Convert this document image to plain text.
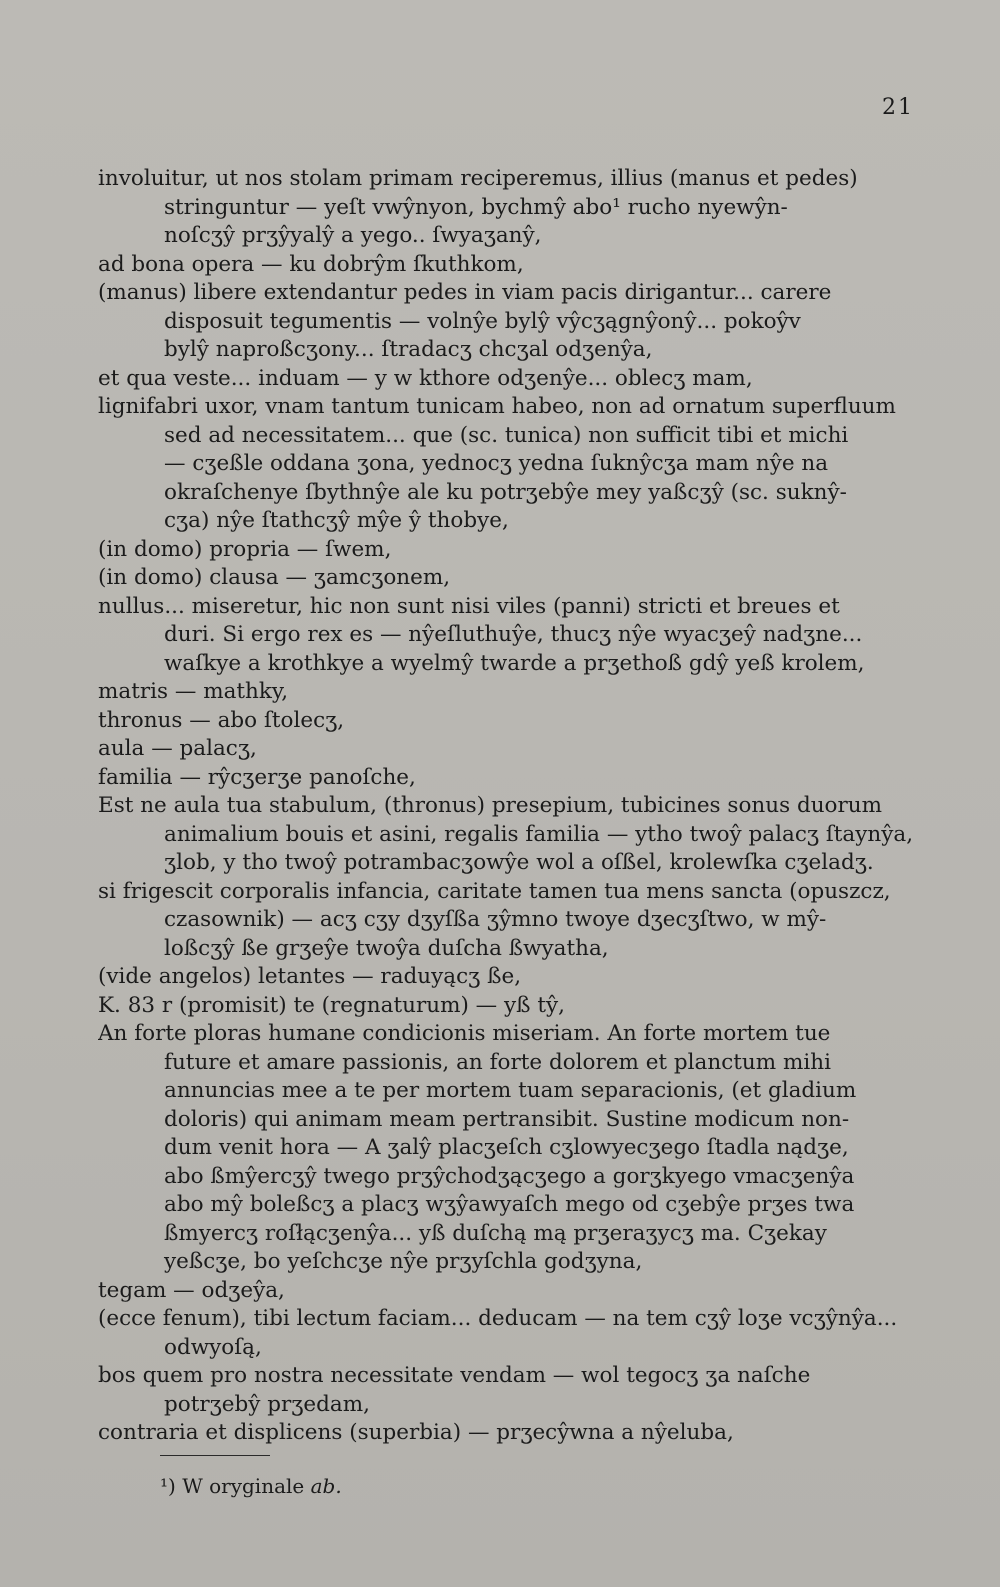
21
involuitur, ut nos stolam primam reciperemus, illius (manus et pedes)
stringuntur — yeſt vwŷnyon, bychmŷ abo¹ rucho nyewŷn-
noſcʒŷ prʒŷyalŷ a yego.. ſwyaʒanŷ,
ad bona opera — ku dobrŷm ſkuthkom,
(manus) libere extendantur pedes in viam pacis dirigantur... carere
disposuit tegumentis — volnŷe bylŷ vŷcʒągnŷonŷ... pokoŷv
bylŷ naproßcʒony... ſtradacʒ chcʒal odʒenŷa,
et qua veste... induam — y w kthore odʒenŷe... oblecʒ mam,
lignifabri uxor, vnam tantum tunicam habeo, non ad ornatum superfluum
sed ad necessitatem... que (sc. tunica) non sufficit tibi et michi
— cʒeßle oddana ʒona, yednocʒ yedna ſuknŷcʒa mam nŷe na
okraſchenye ſbythnŷe ale ku potrʒebŷe mey yaßcʒŷ (sc. suknŷ-
cʒa) nŷe ſtathcʒŷ mŷe ŷ thobye,
(in domo) propria — ſwem,
(in domo) clausa — ʒamcʒonem,
nullus... miseretur, hic non sunt nisi viles (panni) stricti et breues et
duri. Si ergo rex es — nŷeſluthuŷe, thucʒ nŷe wyacʒeŷ nadʒne...
waſkye a krothkye a wyelmŷ twarde a prʒethoß gdŷ yeß krolem,
matris — mathky,
thronus — abo ſtolecʒ,
aula — palacʒ,
familia — rŷcʒerʒe panoſche,
Est ne aula tua stabulum, (thronus) presepium, tubicines sonus duorum
animalium bouis et asini, regalis familia — ytho twoŷ palacʒ ſtaynŷa,
ʒlob, y tho twoŷ potrambacʒowŷe wol a oſßel, krolewſka cʒeladʒ.
si frigescit corporalis infancia, caritate tamen tua mens sancta (opuszcz,
czasownik) — acʒ cʒy dʒyſßa ʒŷmno twoye dʒecʒſtwo, w mŷ-
loßcʒŷ ße grʒeŷe twoŷa duſcha ßwyatha,
(vide angelos) letantes — raduyącʒ ße,
K. 83 r (promisit) te (regnaturum) — yß tŷ,
An forte ploras humane condicionis miseriam. An forte mortem tue
future et amare passionis, an forte dolorem et planctum mihi
annuncias mee a te per mortem tuam separacionis, (et gladium
doloris) qui animam meam pertransibit. Sustine modicum non-
dum venit hora — A ʒalŷ placʒeſch cʒlowyecʒego ſtadla nądʒe,
abo ßmŷercʒŷ twego prʒŷchodʒącʒego a gorʒkyego vmacʒenŷa
abo mŷ boleßcʒ a placʒ wʒŷawyaſch mego od cʒebŷe prʒes twa
ßmyercʒ roſłącʒenŷa... yß duſchą mą prʒeraʒycʒ ma. Cʒekay
yeßcʒe, bo yeſchcʒe nŷe prʒyſchla godʒyna,
tegam — odʒeŷa,
(ecce fenum), tibi lectum faciam... deducam — na tem cʒŷ loʒe vcʒŷnŷa...
odwyoſą,
bos quem pro nostra necessitate vendam — wol tegocʒ ʒa naſche
potrʒebŷ prʒedam,
contraria et displicens (superbia) — prʒecŷwna a nŷeluba,
¹) W oryginale ab.
